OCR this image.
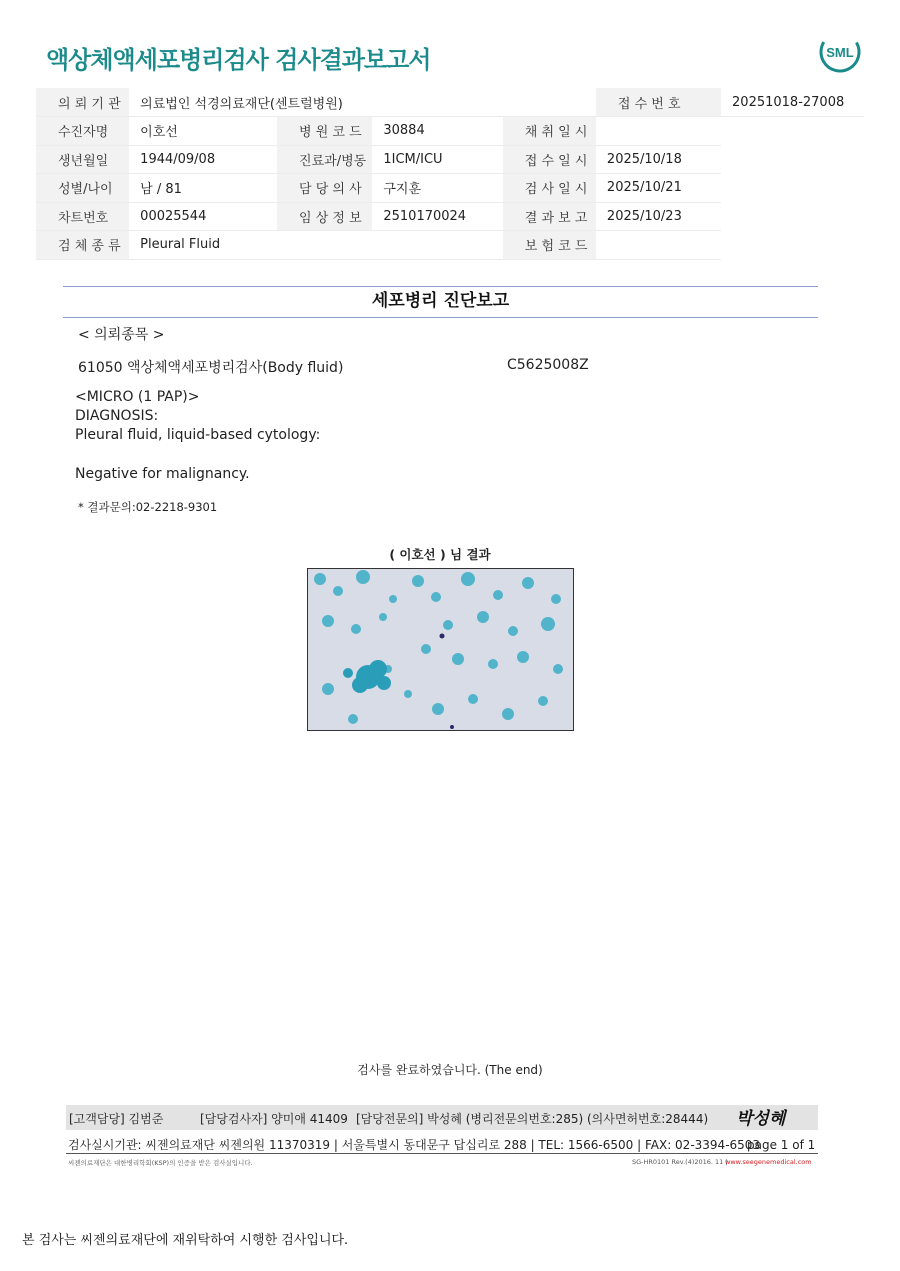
액상체액세포병리검사 검사결과보고서	SML
의 뢰 기 관	의료법인 석경의료재단(센트럴병원)				접 수 번 호	20251018-27008
수진자명	이호선	병 원 코 드	30884	채 취 일 시		
생년월일	1944/09/08	진료과/병동	1ICM/ICU	접 수 일 시	2025/10/18	
성별/나이	남 / 81	담 당 의 사	구지훈	검 사 일 시	2025/10/21	
차트번호	00025544	임 상 정 보	2510170024	결 과 보 고	2025/10/23	
검 체 종 류	Pleural Fluid			보 험 코 드		
세포병리 진단보고
< 의뢰종목 >
61050 액상체액세포병리검사(Body fluid)	C5625008Z
<MICRO (1 PAP)>
DIAGNOSIS:
Pleural fluid, liquid-based cytology:
Negative for malignancy.
* 결과문의:02-2218-9301
( 이호선 ) 님 결과
검사를 완료하였습니다. (The end)
[고객담당] 김범준	[담당검사자] 양미애 41409 [담당전문의] 박성혜 (병리전문의번호:285) (의사면허번호:28444) 박성혜
검사실시기관: 씨젠의료재단 씨젠의원 11370319 | 서울특별시 동대문구 답십리로 288 | TEL: 1566-6500 | FAX: 02-3394-6503
page 1 of 1
씨젠의료재단은 대한병리학회(KSP)의 인증을 받은 검사실입니다.	SG-HR0101 Rev.(4)2016. 11 |
www.seegenemedical.com
본 검사는 씨젠의료재단에 재위탁하여 시행한 검사입니다.
